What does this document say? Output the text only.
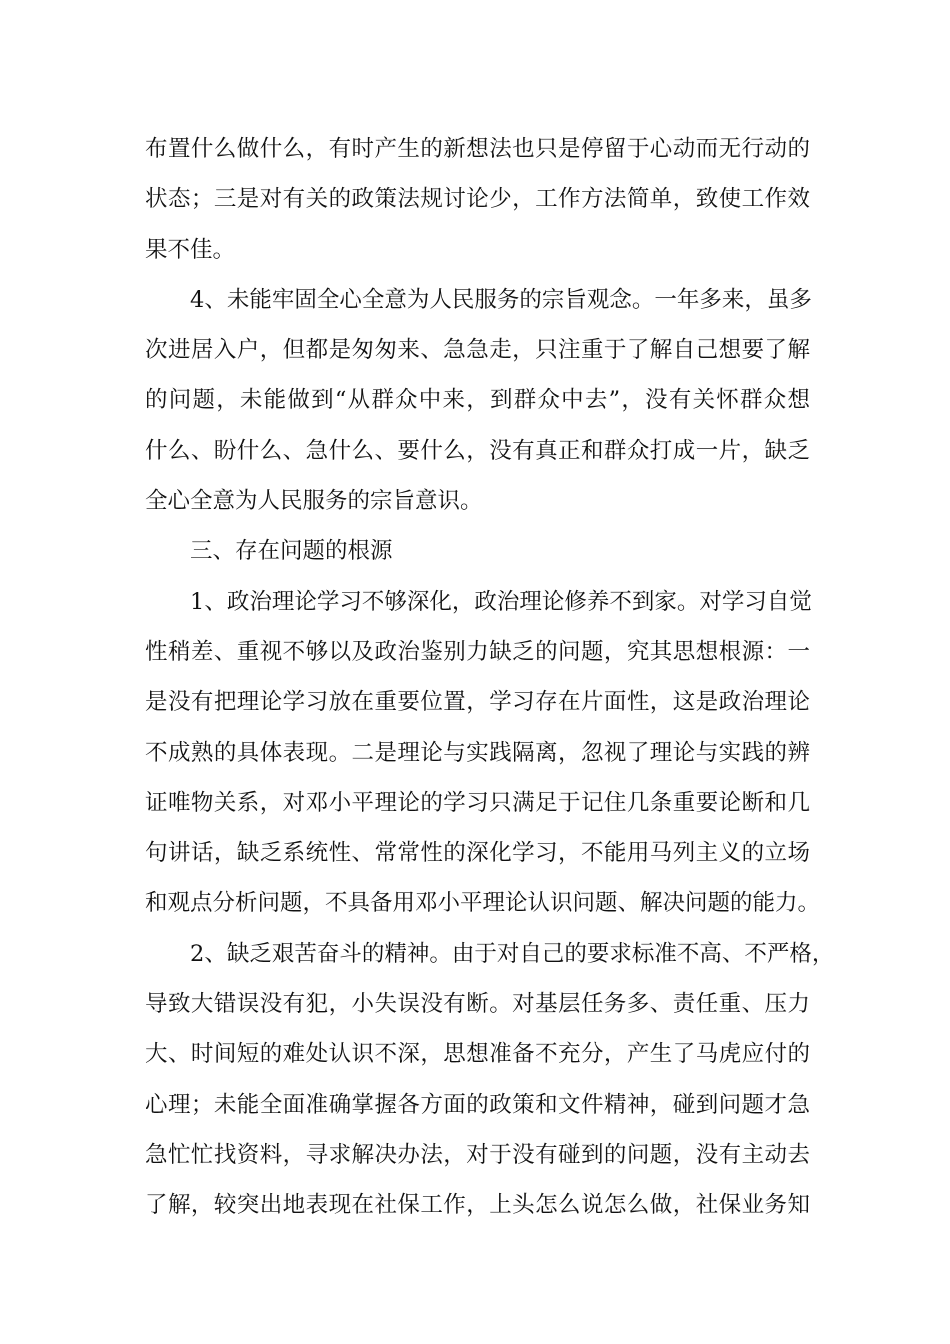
布置什么做什么，有时产生的新想法也只是停留于心动而无行动的
状态；三是对有关的政策法规讨论少，工作方法简单，致使工作效
果不佳。
4、未能牢固全心全意为人民服务的宗旨观念。一年多来，虽多
次进居入户，但都是匆匆来、急急走，只注重于了解自己想要了解
的问题，未能做到“从群众中来，到群众中去”，没有关怀群众想
什么、盼什么、急什么、要什么，没有真正和群众打成一片，缺乏
全心全意为人民服务的宗旨意识。
三、存在问题的根源
1、政治理论学习不够深化，政治理论修养不到家。对学习自觉
性稍差、重视不够以及政治鉴别力缺乏的问题，究其思想根源：一
是没有把理论学习放在重要位置，学习存在片面性，这是政治理论
不成熟的具体表现。二是理论与实践隔离，忽视了理论与实践的辨
证唯物关系，对邓小平理论的学习只满足于记住几条重要论断和几
句讲话，缺乏系统性、常常性的深化学习，不能用马列主义的立场
和观点分析问题，不具备用邓小平理论认识问题、解决问题的能力。
2、缺乏艰苦奋斗的精神。由于对自己的要求标准不高、不严格，
导致大错误没有犯，小失误没有断。对基层任务多、责任重、压力
大、时间短的难处认识不深，思想准备不充分，产生了马虎应付的
心理；未能全面准确掌握各方面的政策和文件精神，碰到问题才急
急忙忙找资料，寻求解决办法，对于没有碰到的问题，没有主动去
了解，较突出地表现在社保工作，上头怎么说怎么做，社保业务知
